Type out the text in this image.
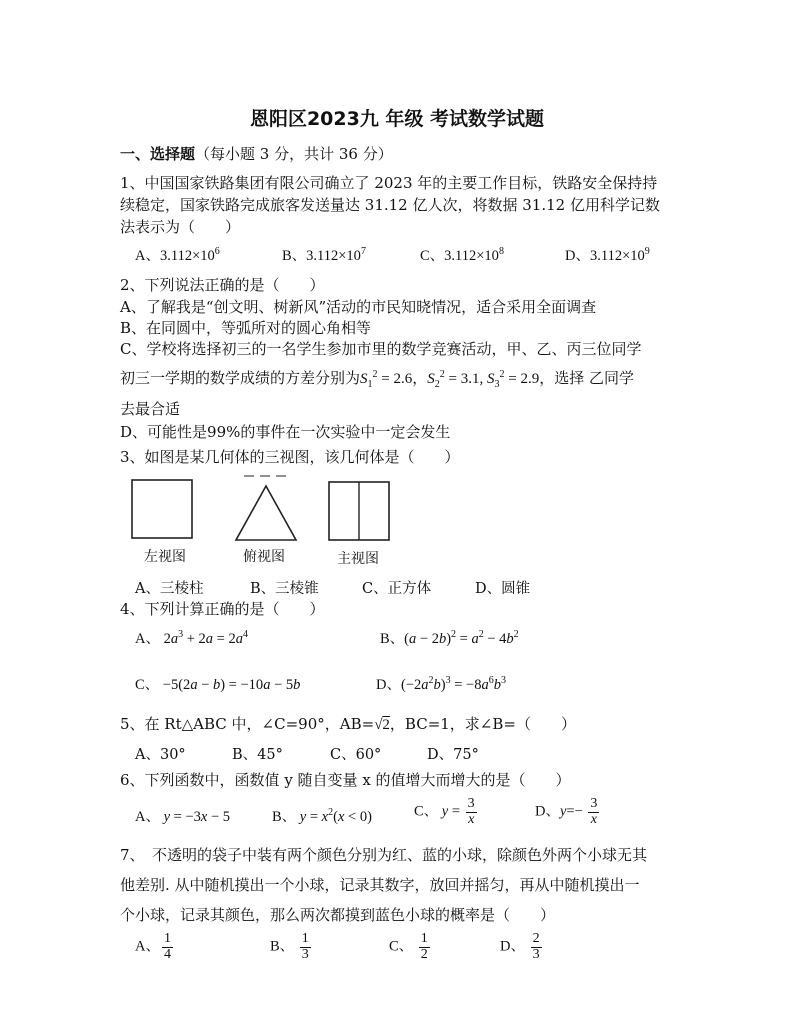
恩阳区2023九 年级 考试数学试题
一、选择题（每小题 3 分，共计 36 分）
1、中国国家铁路集团有限公司确立了 2023 年的主要工作目标，铁路安全保持持
续稳定，国家铁路完成旅客发送量达 31.12 亿人次，将数据 31.12 亿用科学记数
法表示为（　　）
A、$3.112\times 10^6$	B、$3.112\times 10^7$	C、$3.112\times 10^8$	D、$3.112\times 10^9$
2、下列说法正确的是（　　）
A、了解我是“创文明、树新风”活动的市民知晓情况，适合采用全面调查
B、在同圆中，等弧所对的圆心角相等
C、学校将选择初三的一名学生参加市里的数学竞赛活动，甲、乙、丙三位同学
初三一学期的数学成绩的方差分别为$S_1^2 = 2.6$，$S_2^2 = 3.1$, $S_3^2 = 2.9$，选择 乙同学
去最合适
D、可能性是99%的事件在一次实验中一定会发生
3、如图是某几何体的三视图，该几何体是（　　）
左视图	俯视图	主视图
A、三棱柱	B、三棱锥	C、正方体	D、圆锥
4、下列计算正确的是（　　）
A、 $2a^3 + 2a = 2a^4$	B、$(a - 2b)^2 = a^2 - 4b^2$
C、 −5(2a − b) = −10a − 5b	D、$(-2a^2b)^3 = -8a^6b^3$
5、在 Rt△ABC 中，∠C=90°，AB=√2，BC=1，求∠B=（　　）
A、30°	B、45°	C、60°	D、75°
6、下列函数中，函数值 y 随自变量 x 的值增大而增大的是（　　）
A、 y = −3x − 5	B、 $y = x^2(x < 0)$	C、 $y = \frac{3}{x}$	D、$y=- \frac{3}{x}$
7、　不透明的袋子中装有两个颜色分别为红、蓝的小球，除颜色外两个小球无其
他差别. 从中随机摸出一个小球，记录其数字，放回并摇匀，再从中随机摸出一
个小球，记录其颜色，那么两次都摸到蓝色小球的概率是（　　）
A、 $\frac{1}{4}$	B、 $\frac{1}{3}$	C、 $\frac{1}{2}$	D、 $\frac{2}{3}$
